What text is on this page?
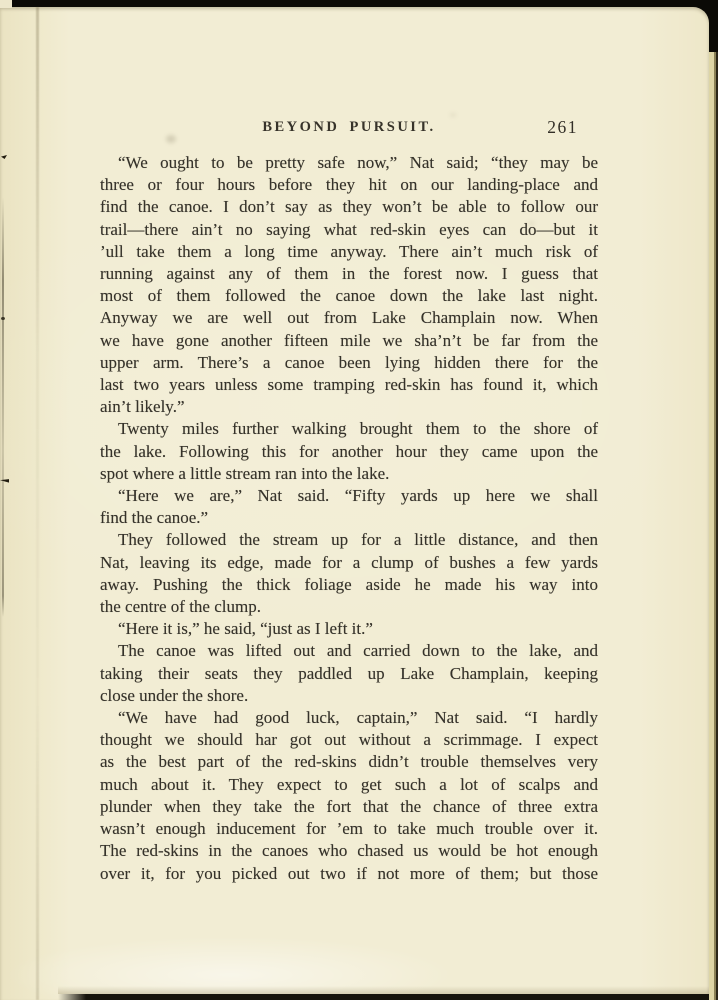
BEYOND PURSUIT.	261
“We ought to be pretty safe now,” Nat said; “they may be
three or four hours before they hit on our landing-place and
find the canoe. I don’t say as they won’t be able to follow our
trail—there ain’t no saying what red-skin eyes can do—but it
’ull take them a long time anyway. There ain’t much risk of
running against any of them in the forest now. I guess that
most of them followed the canoe down the lake last night.
Anyway we are well out from Lake Champlain now. When
we have gone another fifteen mile we sha’n’t be far from the
upper arm. There’s a canoe been lying hidden there for the
last two years unless some tramping red-skin has found it, which
ain’t likely.”
Twenty miles further walking brought them to the shore of
the lake. Following this for another hour they came upon the
spot where a little stream ran into the lake.
“Here we are,” Nat said. “Fifty yards up here we shall
find the canoe.”
They followed the stream up for a little distance, and then
Nat, leaving its edge, made for a clump of bushes a few yards
away. Pushing the thick foliage aside he made his way into
the centre of the clump.
“Here it is,” he said, “just as I left it.”
The canoe was lifted out and carried down to the lake, and
taking their seats they paddled up Lake Champlain, keeping
close under the shore.
“We have had good luck, captain,” Nat said. “I hardly
thought we should har got out without a scrimmage. I expect
as the best part of the red-skins didn’t trouble themselves very
much about it. They expect to get such a lot of scalps and
plunder when they take the fort that the chance of three extra
wasn’t enough inducement for ’em to take much trouble over it.
The red-skins in the canoes who chased us would be hot enough
over it, for you picked out two if not more of them; but those
